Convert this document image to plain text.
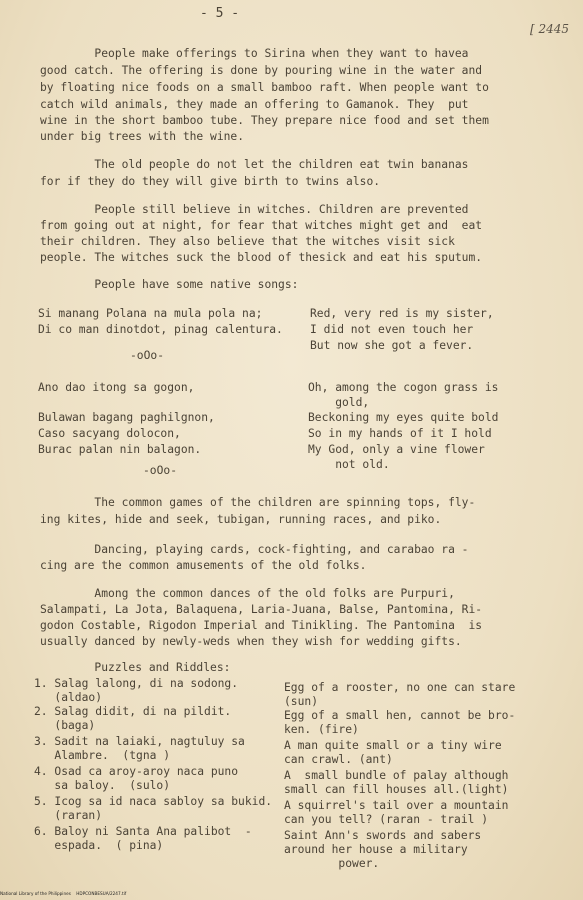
- 5 -
[ 2445

People make offerings to Sirina when they want to havea

good catch. The offering is done by pouring wine in the water and

by floating nice foods on a small bamboo raft. When people want to

catch wild animals, they made an offering to Gamanok. They  put

wine in the short bamboo tube. They prepare nice food and set them

under big trees with the wine.

The old people do not let the children eat twin bananas

for if they do they will give birth to twins also.

People still believe in witches. Children are prevented

from going out at night, for fear that witches might get and  eat

their children. They also believe that the witches visit sick

people. The witches suck the blood of thesick and eat his sputum.

People have some native songs:

Si manang Polana na mula pola na;

Di co man dinotdot, pinag calentura.

Red, very red is my sister,

I did not even touch her

But now she got a fever.

-oOo-

Ano dao itong sa gogon,

Bulawan bagang paghilgnon,

Caso sacyang dolocon,

Burac palan nin balagon.

Oh, among the cogon grass is

gold,

Beckoning my eyes quite bold

So in my hands of it I hold

My God, only a vine flower

not old.

-oOo-

The common games of the children are spinning tops, fly-

ing kites, hide and seek, tubigan, running races, and piko.

Dancing, playing cards, cock-fighting, and carabao ra -

cing are the common amusements of the old folks.

Among the common dances of the old folks are Purpuri,

Salampati, La Jota, Balaquena, Laria-Juana, Balse, Pantomina, Ri-

godon Costable, Rigodon Imperial and Tinikling. The Pantomina  is

usually danced by newly-weds when they wish for wedding gifts.

Puzzles and Riddles:

1. Salag lalong, di na sodong.

(aldao)

2. Salag didit, di na pildit.

(baga)

3. Sadit na laiaki, nagtuluy sa

Alambre.  (tgna )

4. Osad ca aroy-aroy naca puno

sa baloy.  (sulo)

5. Icog sa id naca sabloy sa bukid.

(raran)

6. Baloy ni Santa Ana palibot  -

espada.  ( pina)

Egg of a rooster, no one can stare

(sun)

Egg of a small hen, cannot be bro-

ken. (fire)

A man quite small or a tiny wire

can crawl. (ant)

A  small bundle of palay although

small can fill houses all.(light)

A squirrel's tail over a mountain

can you tell? (raran - trail )

Saint Ann's swords and sabers

around her house a military

power.

National Library of the Philippines    HDPCONBESUA/2247.tif
